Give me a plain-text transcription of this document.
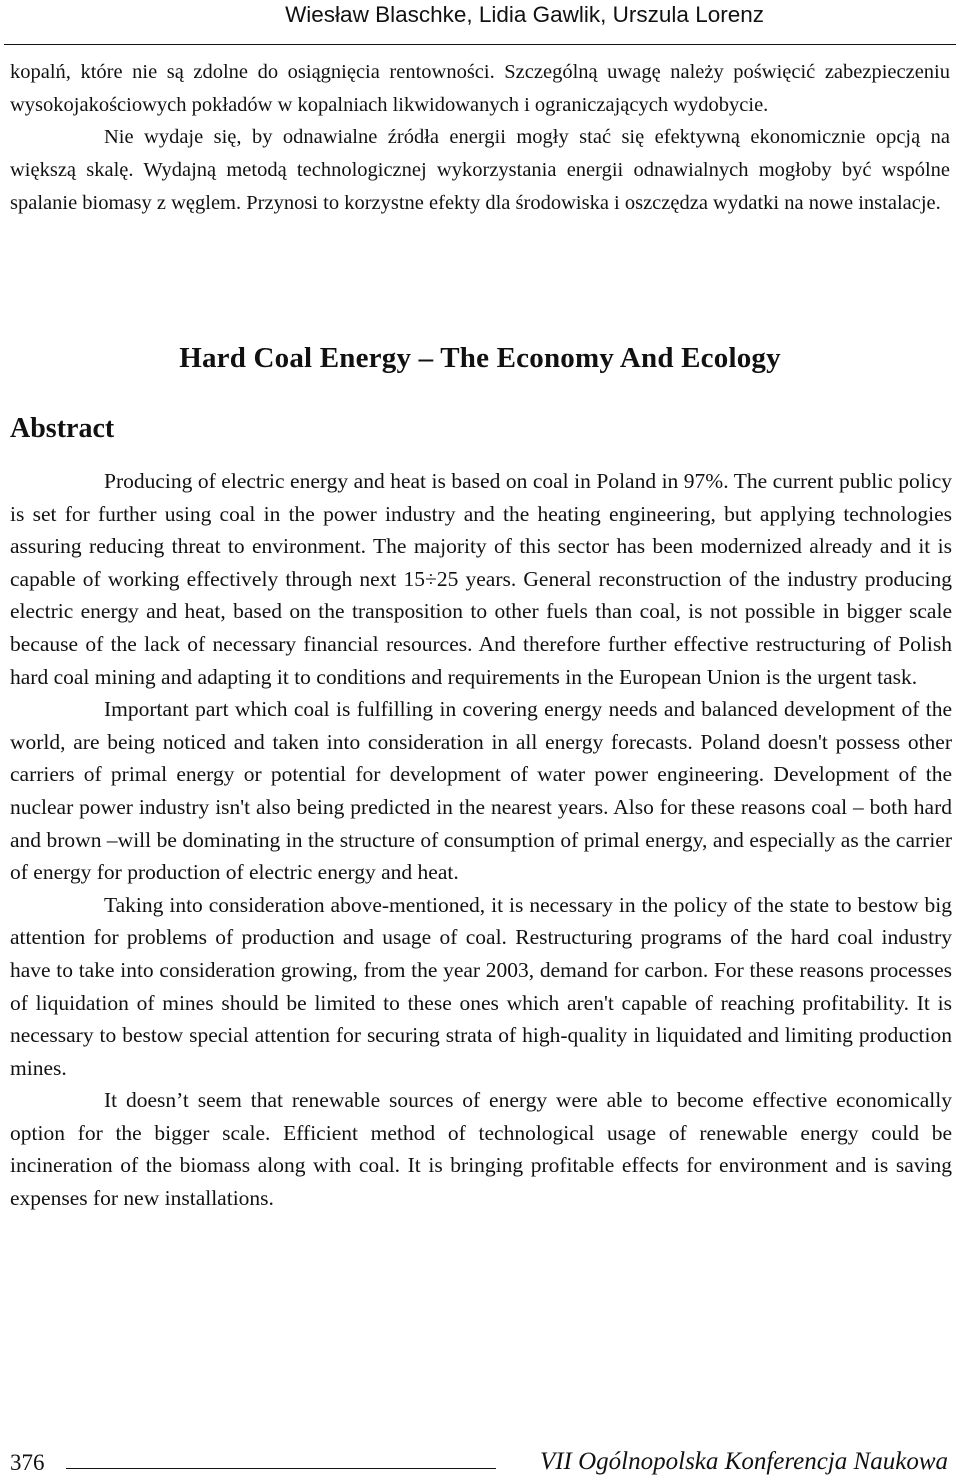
Wiesław Blaschke, Lidia Gawlik, Urszula Lorenz

kopalń, które nie są zdolne do osiągnięcia rentowności. Szczególną uwagę należy poświęcić zabezpieczeniu wysokojakościowych pokładów w kopalniach likwidowanych i ograniczających wydobycie.

Nie wydaje się, by odnawialne źródła energii mogły stać się efektywną ekonomicznie opcją na większą skalę. Wydajną metodą technologicznej wykorzystania energii odnawialnych mogłoby być wspólne spalanie biomasy z węglem. Przynosi to korzystne efekty dla środowiska i oszczędza wydatki na nowe instalacje.

Hard Coal Energy – The Economy And Ecology
Abstract

Producing of electric energy and heat is based on coal in Poland in 97%. The current public policy is set for further using coal in the power industry and the heating engineering, but applying technologies assuring reducing threat to environment. The majority of this sector has been modernized already and it is capable of working effectively through next 15÷25 years. General reconstruction of the industry producing electric energy and heat, based on the transposition to other fuels than coal, is not possible in bigger scale because of the lack of necessary financial resources. And therefore further effective restructuring of Polish hard coal mining and adapting it to conditions and requirements in the European Union is the urgent task.

Important part which coal is fulfilling in covering energy needs and balanced development of the world, are being noticed and taken into consideration in all energy forecasts. Poland doesn't possess other carriers of primal energy or potential for development of water power engineering. Development of the nuclear power industry isn't also being predicted in the nearest years. Also for these reasons coal – both hard and brown –will be dominating in the structure of consumption of primal energy, and especially as the carrier of energy for production of electric energy and heat.

Taking into consideration above-mentioned, it is necessary in the policy of the state to bestow big attention for problems of production and usage of coal. Restructuring programs of the hard coal industry have to take into consideration growing, from the year 2003, demand for carbon. For these reasons processes of liquidation of mines should be limited to these ones which aren't capable of reaching profitability. It is necessary to bestow special attention for securing strata of high-quality in liquidated and limiting production mines.

It doesn’t seem that renewable sources of energy were able to become effective economically option for the bigger scale. Efficient method of technological usage of renewable energy could be incineration of the biomass along with coal. It is bringing profitable effects for environment and is saving expenses for new installations.

376	VII Ogólnopolska Konferencja Naukowa
